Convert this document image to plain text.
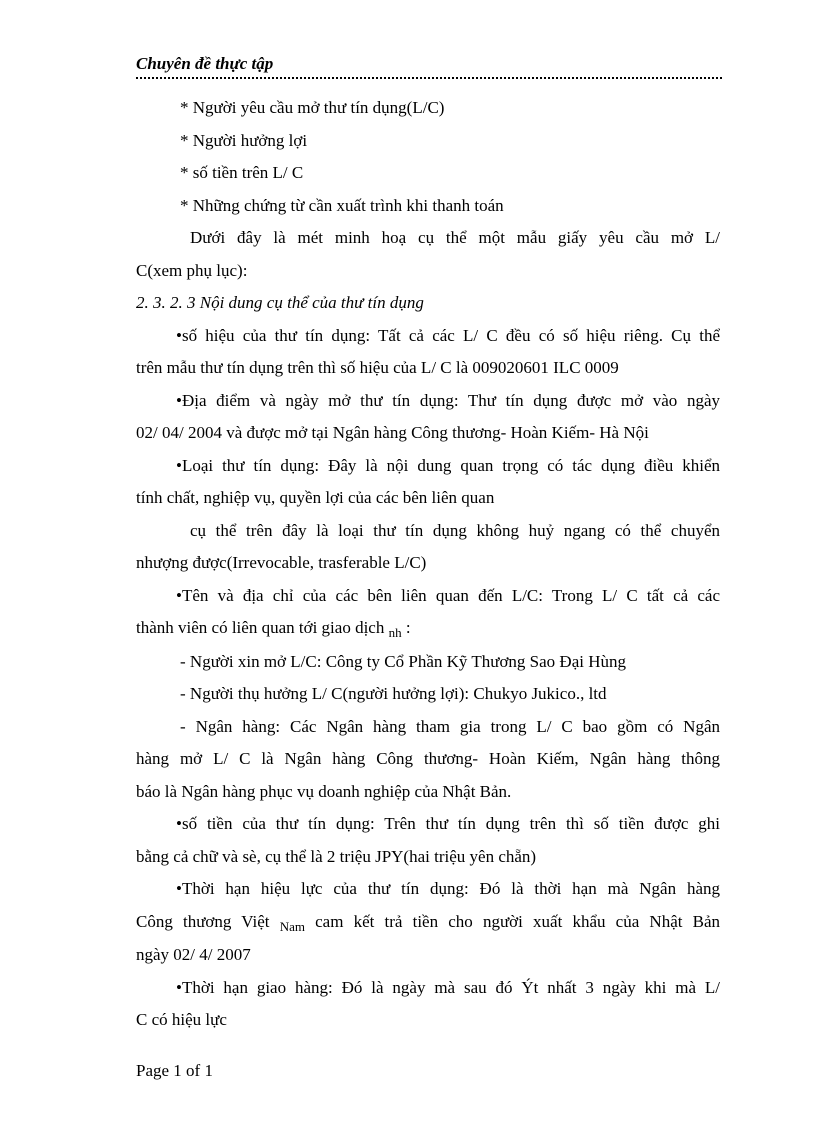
Chuyên đề thực tập

* Người yêu cầu mở thư tín dụng(L/C)

* Người hưởng lợi

* số tiền trên L/ C

* Những chứng từ cần xuất trình khi thanh toán

Dưới đây là mét minh hoạ cụ thể một mẫu giấy yêu cầu mở L/

C(xem phụ lục):

2. 3. 2. 3 Nội dung cụ thể của thư tín dụng

•số hiệu của thư tín dụng: Tất cả các L/ C đều có số hiệu riêng. Cụ thể

trên mẫu thư tín dụng trên thì số hiệu của L/ C là 009020601 ILC 0009

•Địa điểm và ngày mở thư tín dụng: Thư tín dụng được mở vào ngày

02/ 04/ 2004 và được mở tại Ngân hàng Công thương- Hoàn Kiếm- Hà Nội

•Loại thư tín dụng: Đây là nội dung quan trọng có tác dụng điều khiển

tính chất, nghiệp vụ, quyền lợi của các bên liên quan

cụ thể trên đây là loại thư tín dụng không huỷ ngang có thể chuyển

nhượng được(Irrevocable, trasferable L/C)

•Tên và địa chỉ của các bên liên quan đến L/C: Trong L/ C tất cả các

thành viên có liên quan tới giao dịch $_{nh}$ :

- Người xin mở L/C: Công ty Cổ Phần Kỹ Thương Sao Đại Hùng

- Người thụ hưởng L/ C(người hưởng lợi): Chukyo Jukico., ltd

- Ngân hàng: Các Ngân hàng tham gia trong L/ C bao gồm có Ngân

hàng mở L/ C là Ngân hàng Công thương- Hoàn Kiếm, Ngân hàng thông

báo là Ngân hàng phục vụ doanh nghiệp của Nhật Bản.

•số tiền của thư tín dụng: Trên thư tín dụng trên thì số tiền được ghi

bằng cả chữ và sè, cụ thể là 2 triệu JPY(hai triệu yên chẵn)

•Thời hạn hiệu lực của thư tín dụng: Đó là thời hạn mà Ngân hàng

Công thương Việt $_{Nam}$ cam kết trả tiền cho người xuất khẩu của Nhật Bản

ngày 02/ 4/ 2007

•Thời hạn giao hàng: Đó là ngày mà sau đó Ýt nhất 3 ngày khi mà L/

C có hiệu lực

Page 1 of 1
